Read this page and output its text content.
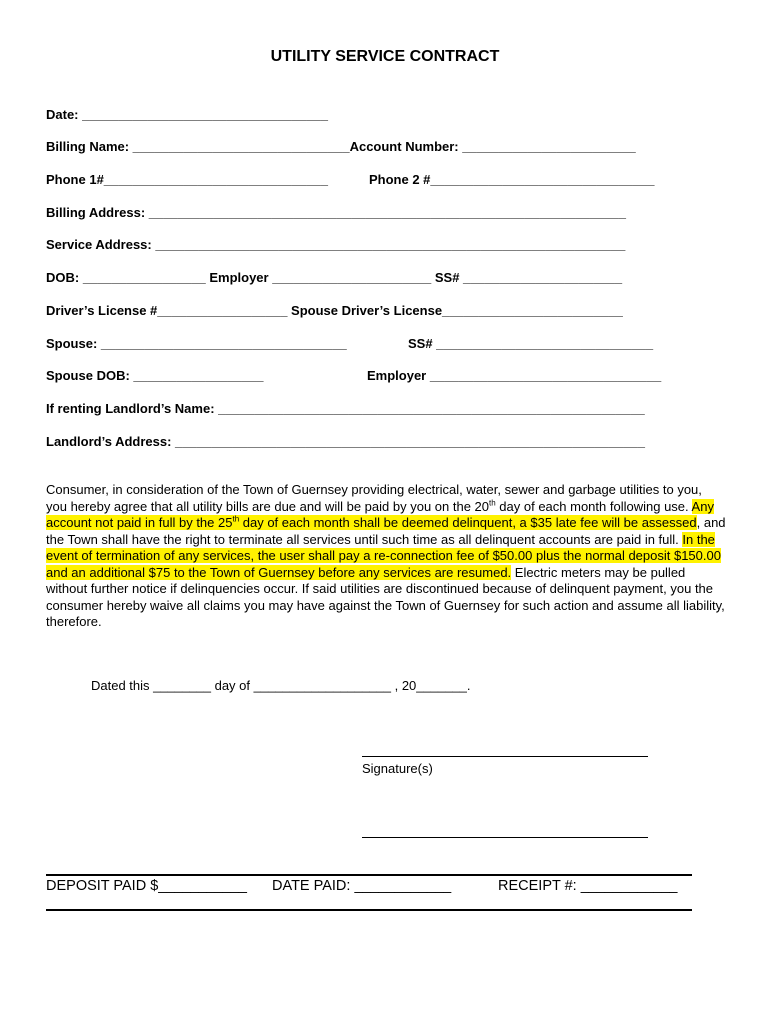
UTILITY SERVICE CONTRACT
Date: __________________________________
Billing Name: ______________________________Account Number: ________________________
Phone 1#_______________________________	Phone 2 #_______________________________
Billing Address: __________________________________________________________________
Service Address: _________________________________________________________________
DOB: _________________ Employer ______________________ SS# ______________________
Driver’s License #__________________ Spouse Driver’s License_________________________
Spouse: __________________________________	SS# ______________________________
Spouse DOB: __________________	Employer ________________________________
If renting Landlord’s Name: ___________________________________________________________
Landlord’s Address: _________________________________________________________________
Consumer, in consideration of the Town of Guernsey providing electrical, water, sewer and garbage utilities to you, you hereby agree that all utility bills are due and will be paid by you on the 20th day of each month following use. Any account not paid in full by the 25th day of each month shall be deemed delinquent, a $35 late fee will be assessed, and the Town shall have the right to terminate all services until such time as all delinquent accounts are paid in full. In the event of termination of any services, the user shall pay a re-connection fee of $50.00 plus the normal deposit $150.00 and an additional $75 to the Town of Guernsey before any services are resumed. Electric meters may be pulled without further notice if delinquencies occur. If said utilities are discontinued because of delinquent payment, you the consumer hereby waive all claims you may have against the Town of Guernsey for such action and assume all liability, therefore.
Dated this ________ day of ___________________ , 20_______.
Signature(s)
DEPOSIT PAID $___________ DATE PAID: ____________	RECEIPT #: ____________
